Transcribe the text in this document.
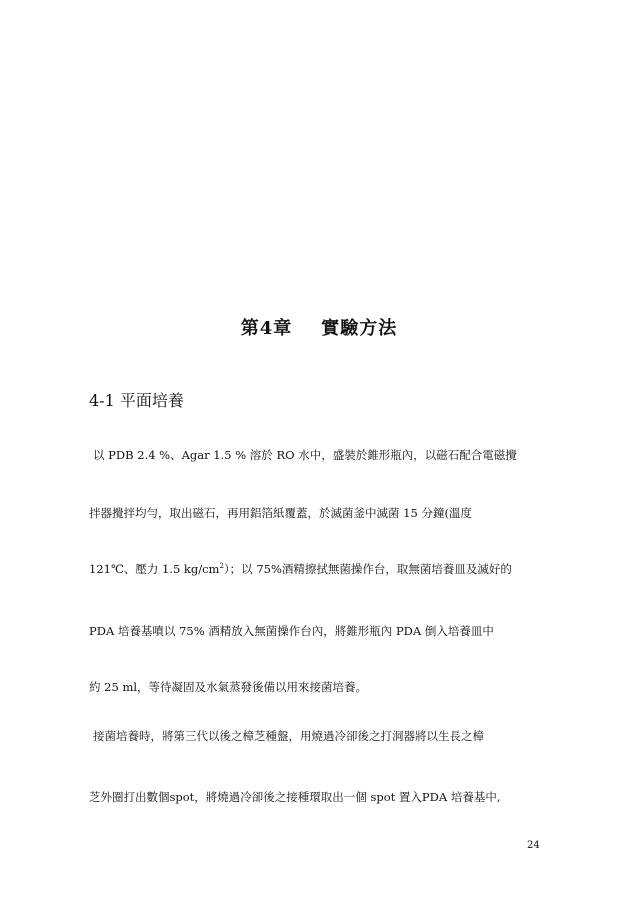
第4章    實驗方法
4-1 平面培養
以 PDB 2.4 %、Agar 1.5 % 溶於 RO 水中，盛裝於錐形瓶內，以磁石配合電磁攪
拌器攪拌均勻，取出磁石，再用鋁箔紙覆蓋，於滅菌釜中滅菌 15 分鐘(溫度
121℃、壓力 1.5 $kg/cm^2$）；以 75%酒精擦拭無菌操作台，取無菌培養皿及滅好的
PDA 培養基噴以 75% 酒精放入無菌操作台內，將錐形瓶內 PDA 倒入培養皿中
約 25 ml，等待凝固及水氣蒸發後備以用來接菌培養。
接菌培養時，將第三代以後之樟芝種盤，用燒過冷卻後之打洞器將以生長之樟
芝外圈打出數個spot，將燒過冷卻後之接種環取出一個 spot 置入PDA 培養基中,
24
